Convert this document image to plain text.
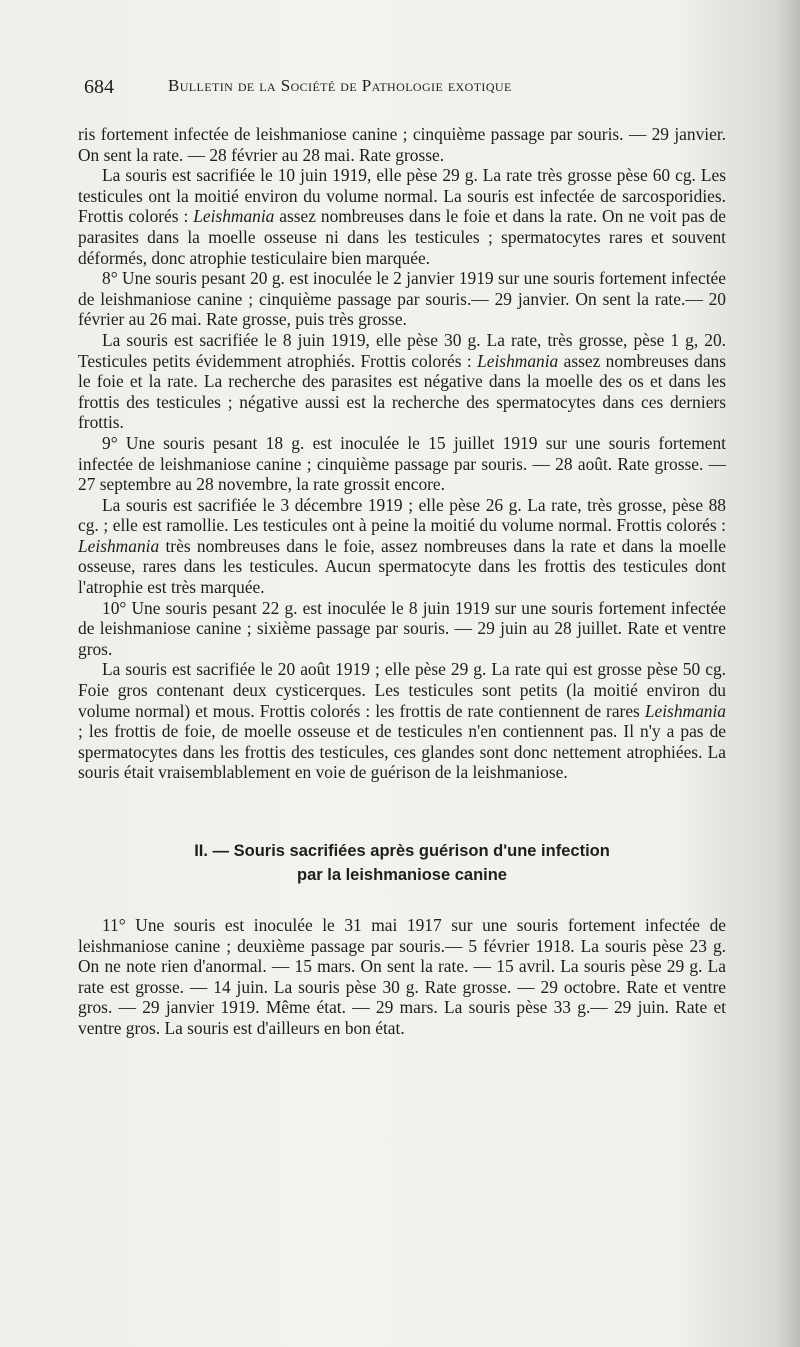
684	Bulletin de la Société de Pathologie exotique

ris fortement infectée de leishmaniose canine ; cinquième passage par souris. — 29 janvier. On sent la rate. — 28 février au 28 mai. Rate grosse.

La souris est sacrifiée le 10 juin 1919, elle pèse 29 g. La rate très grosse pèse 60 cg. Les testicules ont la moitié environ du volume normal. La souris est infectée de sarcosporidies. Frottis colorés : Leishmania assez nombreuses dans le foie et dans la rate. On ne voit pas de parasites dans la moelle osseuse ni dans les testicules ; spermatocytes rares et souvent déformés, donc atrophie testiculaire bien marquée.

8° Une souris pesant 20 g. est inoculée le 2 janvier 1919 sur une souris fortement infectée de leishmaniose canine ; cinquième passage par souris.— 29 janvier. On sent la rate.— 20 février au 26 mai. Rate grosse, puis très grosse.

La souris est sacrifiée le 8 juin 1919, elle pèse 30 g. La rate, très grosse, pèse 1 g, 20. Testicules petits évidemment atrophiés. Frottis colorés : Leishmania assez nombreuses dans le foie et la rate. La recherche des parasites est négative dans la moelle des os et dans les frottis des testicules ; négative aussi est la recherche des spermatocytes dans ces derniers frottis.

9° Une souris pesant 18 g. est inoculée le 15 juillet 1919 sur une souris fortement infectée de leishmaniose canine ; cinquième passage par souris. — 28 août. Rate grosse. — 27 septembre au 28 novembre, la rate grossit encore.

La souris est sacrifiée le 3 décembre 1919 ; elle pèse 26 g. La rate, très grosse, pèse 88 cg. ; elle est ramollie. Les testicules ont à peine la moitié du volume normal. Frottis colorés : Leishmania très nombreuses dans le foie, assez nombreuses dans la rate et dans la moelle osseuse, rares dans les testicules. Aucun spermatocyte dans les frottis des testicules dont l'atrophie est très marquée.

10° Une souris pesant 22 g. est inoculée le 8 juin 1919 sur une souris fortement infectée de leishmaniose canine ; sixième passage par souris. — 29 juin au 28 juillet. Rate et ventre gros.

La souris est sacrifiée le 20 août 1919 ; elle pèse 29 g. La rate qui est grosse pèse 50 cg. Foie gros contenant deux cysticerques. Les testicules sont petits (la moitié environ du volume normal) et mous. Frottis colorés : les frottis de rate contiennent de rares Leishmania ; les frottis de foie, de moelle osseuse et de testicules n'en contiennent pas. Il n'y a pas de spermatocytes dans les frottis des testicules, ces glandes sont donc nettement atrophiées. La souris était vraisemblablement en voie de guérison de la leishmaniose.

II. — Souris sacrifiées après guérison d'une infection
par la leishmaniose canine

11° Une souris est inoculée le 31 mai 1917 sur une souris fortement infectée de leishmaniose canine ; deuxième passage par souris.— 5 février 1918. La souris pèse 23 g. On ne note rien d'anormal. — 15 mars. On sent la rate. — 15 avril. La souris pèse 29 g. La rate est grosse. — 14 juin. La souris pèse 30 g. Rate grosse. — 29 octobre. Rate et ventre gros. — 29 janvier 1919. Même état. — 29 mars. La souris pèse 33 g.— 29 juin. Rate et ventre gros. La souris est d'ailleurs en bon état.
